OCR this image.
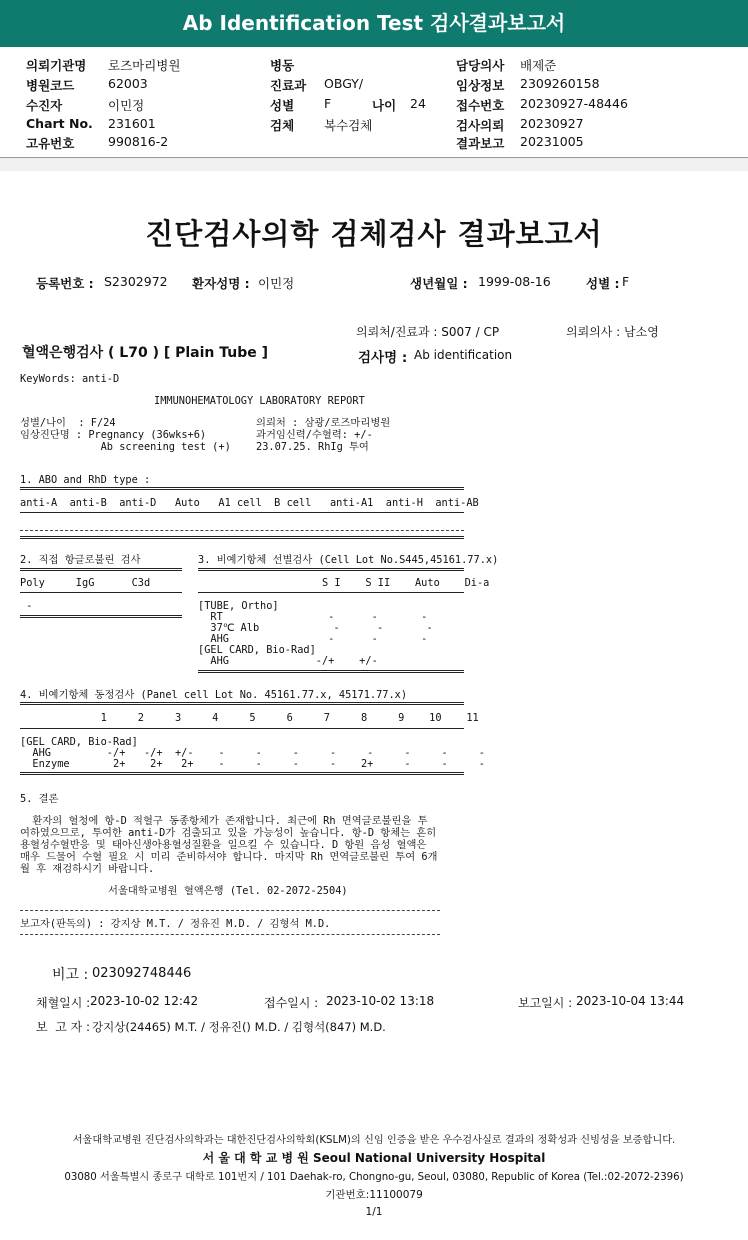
Ab Identification Test 검사결과보고서
의뢰기관명 로즈마리병원	병동	담당의사 배제준
병원코드	62003	진료과 OBGY/	임상정보 2309260158
수진자	이민정	성별 F	나이 24 접수번호 20230927-48446
Chart No. 231601	검체 복수검체	검사의뢰 20230927
고유번호	990816-2	결과보고 20231005
진단검사의학 검체검사 결과보고서
등록번호 : S2302972 환자성명 : 이민정	생년월일 : 1999-08-16	성별 : F
의뢰처/진료과 : S007 / CP	의뢰의사 : 남소영
혈액은행검사 ( L70 ) [ Plain Tube ]	검사명 : Ab identification
KeyWords: anti-D
IMMUNOHEMATOLOGY LABORATORY REPORT
성별/나이  : F/24
임상진단명 : Pregnancy (36wks+6)
Ab screening test (+)
의뢰처 : 삼광/로즈마리병원
과거임신력/수혈력: +/-
23.07.25. RhIg 투여
1. ABO and RhD type :
anti-A  anti-B  anti-D   Auto   A1 cell  B cell   anti-A1  anti-H  anti-AB
2. 직접 항글로불린 검사	3. 비예기항체 선별검사 (Cell Lot No.S445,45161.77.x)
Poly     IgG      C3d	S I    S II    Auto    Di-a
-	[TUBE, Ortho]
RT                 -      -       -
37℃ Alb            -      -       -
AHG                -      -       -
[GEL CARD, Bio-Rad]
AHG              -/+    +/-
4. 비예기항체 동정검사 (Panel cell Lot No. 45161.77.x, 45171.77.x)
1     2     3     4     5     6     7     8     9    10    11
[GEL CARD, Bio-Rad]
AHG         -/+   -/+  +/-    -     -     -     -     -     -     -     -
Enzyme       2+    2+   2+    -     -     -     -    2+     -     -     -
5. 결론
환자의 혈청에 항-D 적혈구 동종항체가 존재합니다. 최근에 Rh 면역글로불린을 투
여하였으므로, 투여한 anti-D가 검출되고 있을 가능성이 높습니다. 항-D 항체는 흔히
용혈성수혈반응 및 태아신생아용혈성질환을 일으킬 수 있습니다. D 항원 음성 혈액은
매우 드물어 수혈 필요 시 미리 준비하셔야 합니다. 마지막 Rh 면역글로불린 투여 6개
월 후 재검하시기 바랍니다.
서울대학교병원 혈액은행 (Tel. 02-2072-2504)
보고자(판독의) : 강지상 M.T. / 정유진 M.D. / 김형석 M.D.
비고 : 023092748446
채혈일시 : 2023-10-02 12:42	접수일시 : 2023-10-02 13:18	보고일시 : 2023-10-04 13:44
보  고 자 : 강지상(24465) M.T. / 정유진() M.D. / 김형석(847) M.D.
서울대학교병원 진단검사의학과는 대한진단검사의학회(KSLM)의 신임 인증을 받은 우수검사실로 결과의 정확성과 신빙성을 보증합니다.
서 울 대 학 교 병 원 Seoul National University Hospital
03080 서울특별시 종로구 대학로 101번지 / 101 Daehak-ro, Chongno-gu, Seoul, 03080, Republic of Korea (Tel.:02-2072-2396)
기관번호:11100079
1/1
